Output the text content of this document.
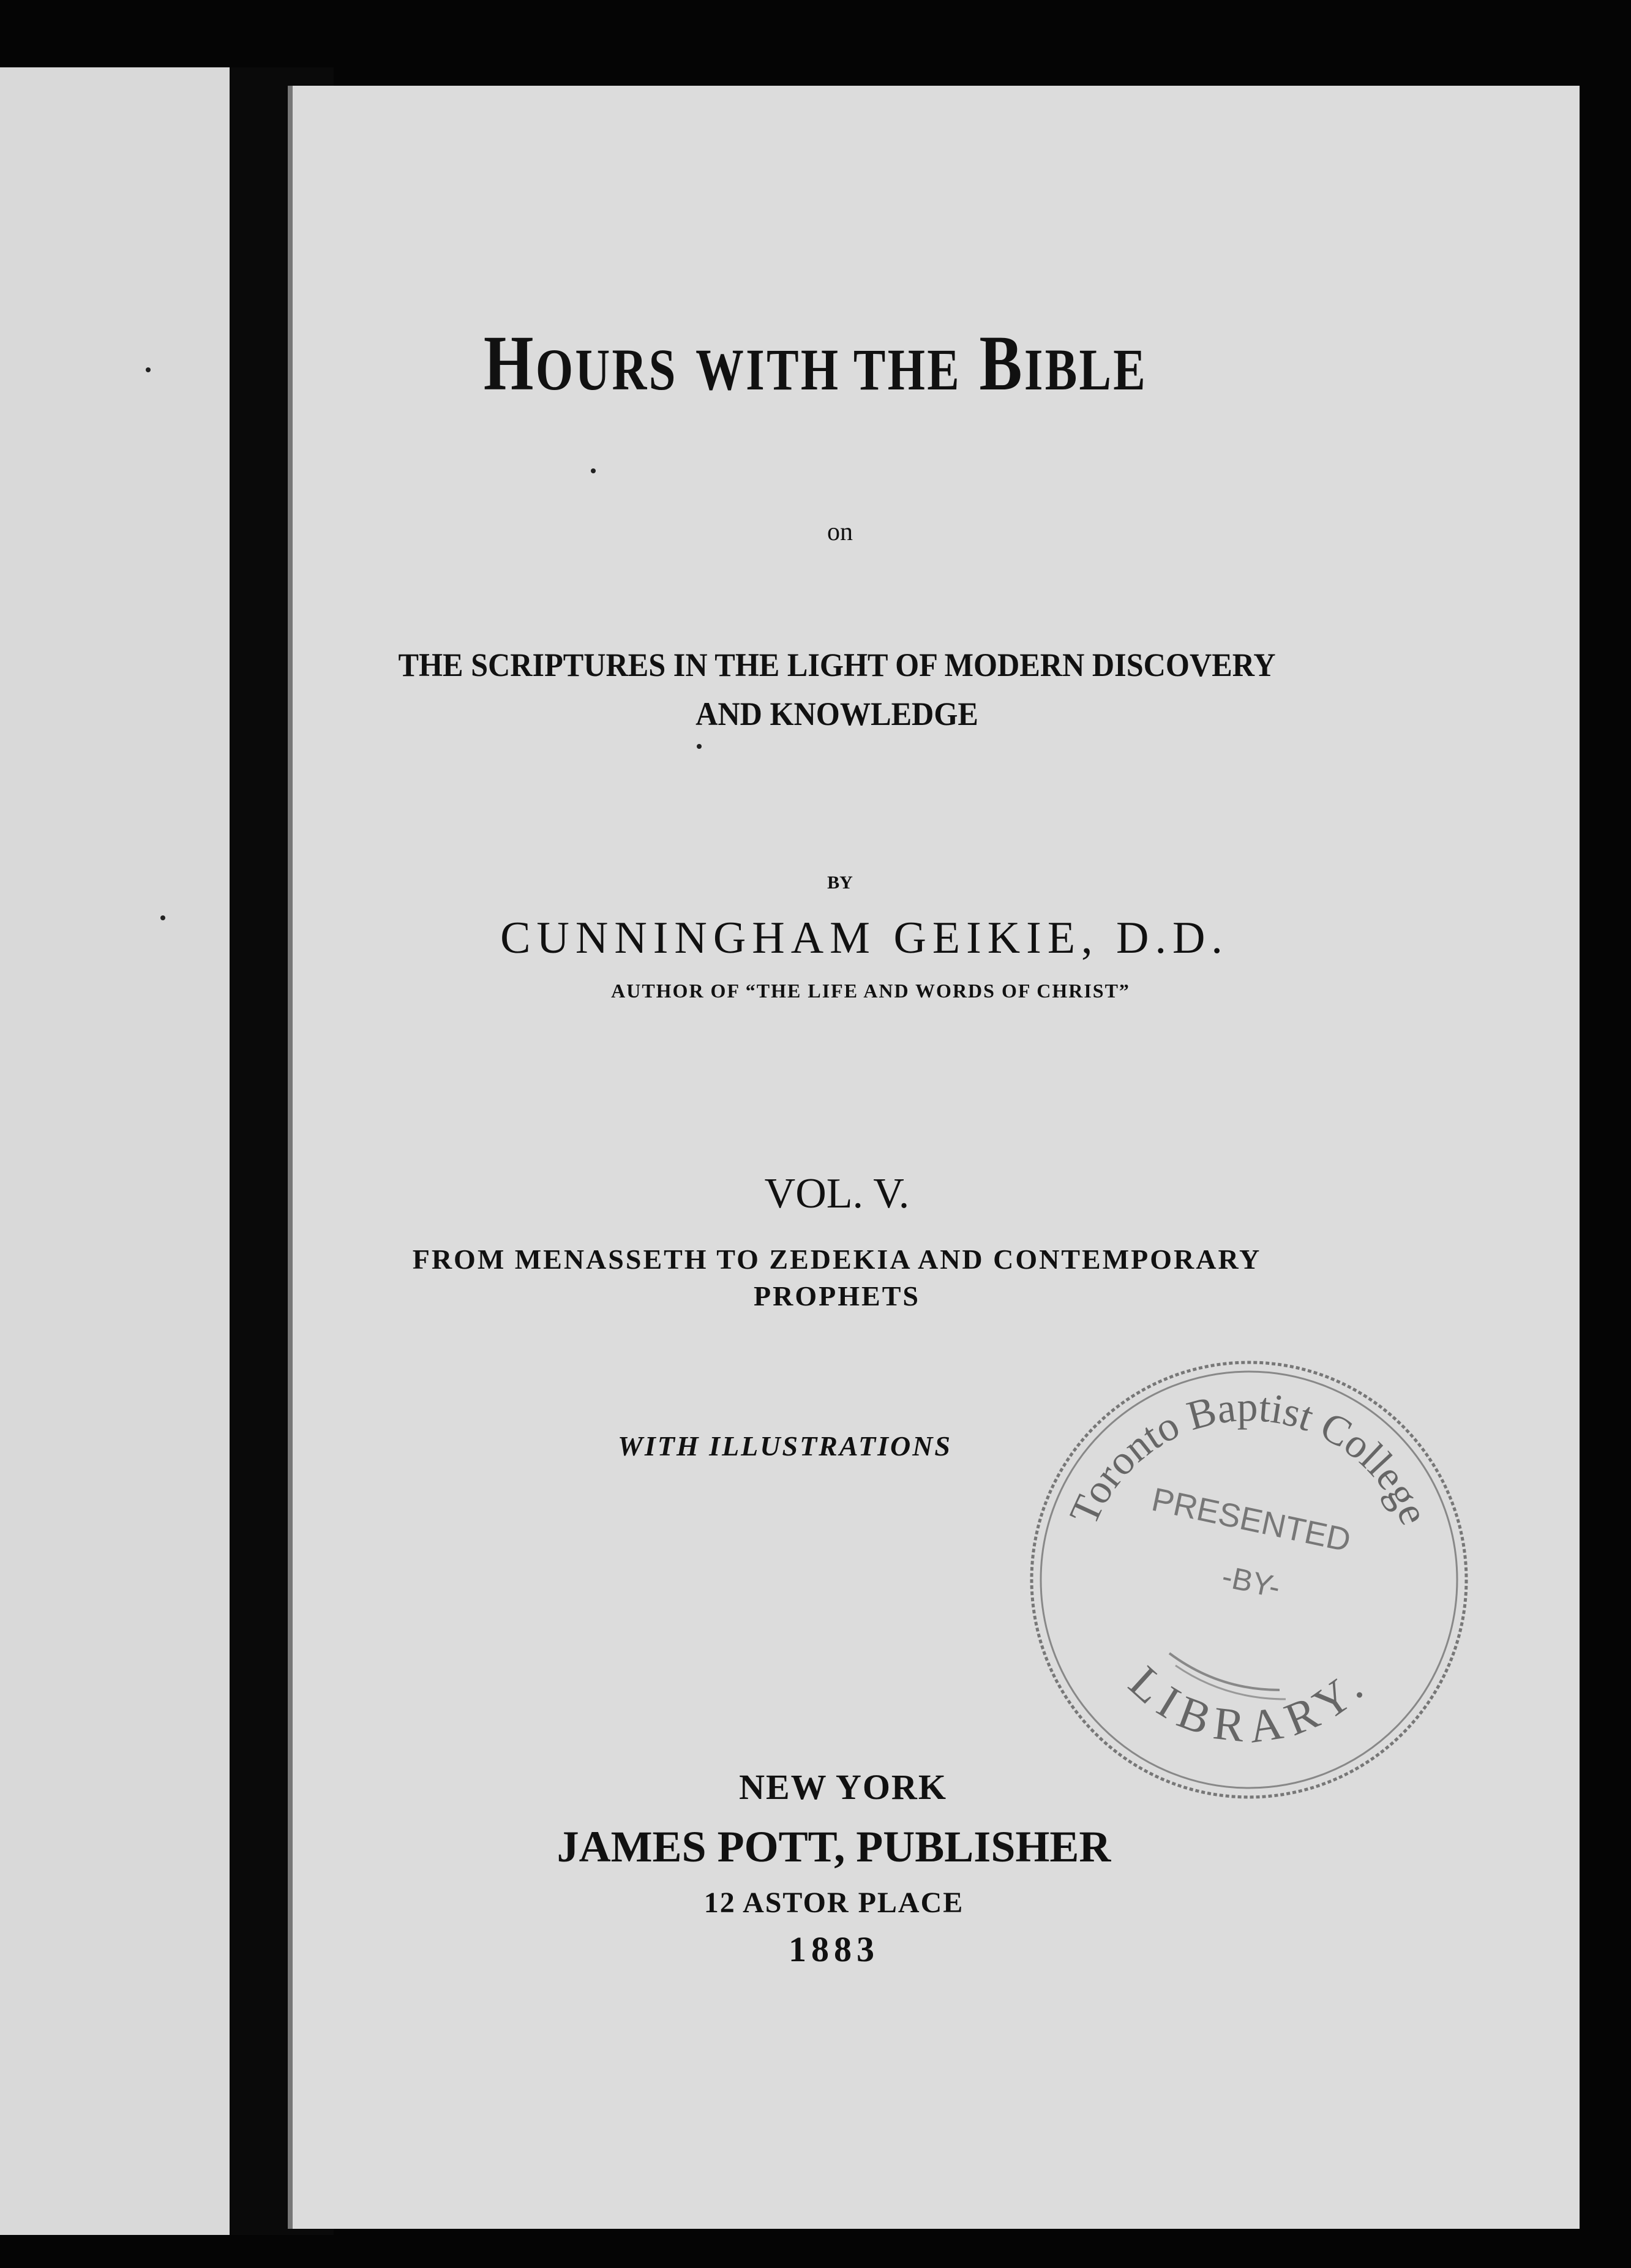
HOURS WITH THE BIBLE
on
THE SCRIPTURES IN THE LIGHT OF MODERN DISCOVERY
AND KNOWLEDGE
BY
CUNNINGHAM GEIKIE, D.D.
AUTHOR OF “THE LIFE AND WORDS OF CHRIST”
VOL. V.
FROM MENASSETH TO ZEDEKIA AND CONTEMPORARY
PROPHETS
WITH ILLUSTRATIONS
Toronto Baptist College
LIBRARY.
PRESENTED
-BY-
NEW YORK
JAMES POTT, PUBLISHER
12 ASTOR PLACE
1883
